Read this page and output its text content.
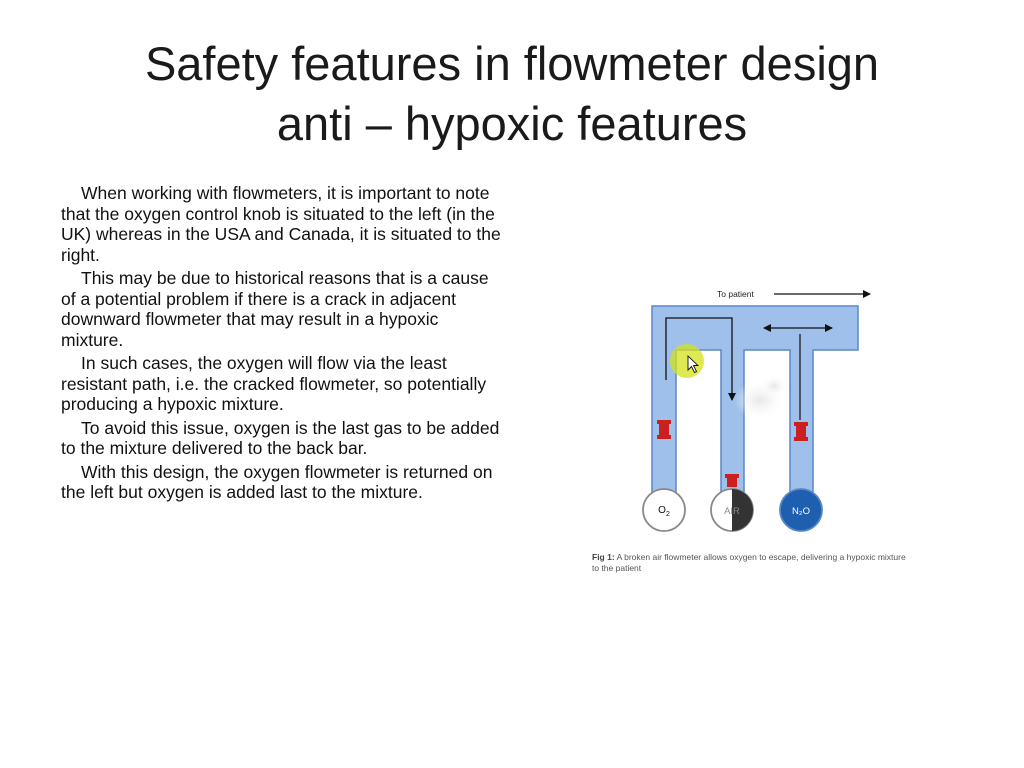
Safety features in flowmeter design
anti – hypoxic features

When working with flowmeters, it is important to note that the oxygen control knob is situated to the left (in the UK) whereas in the USA and Canada, it is situated to the right.

This may be due to historical reasons that is a cause of a potential problem if there is a crack in adjacent downward flowmeter that may result in a hypoxic mixture.

In such cases, the oxygen will flow via the least resistant path, i.e. the cracked flowmeter, so potentially producing a hypoxic mixture.

To avoid this issue, oxygen is the last gas to be added to the mixture delivered to the back bar.

With this design, the oxygen flowmeter is returned on the left but oxygen is added last to the mixture.

To patient
$O_2$	AIR	N₂O
Fig 1: A broken air flowmeter allows oxygen to escape, delivering a hypoxic mixture to the patient
